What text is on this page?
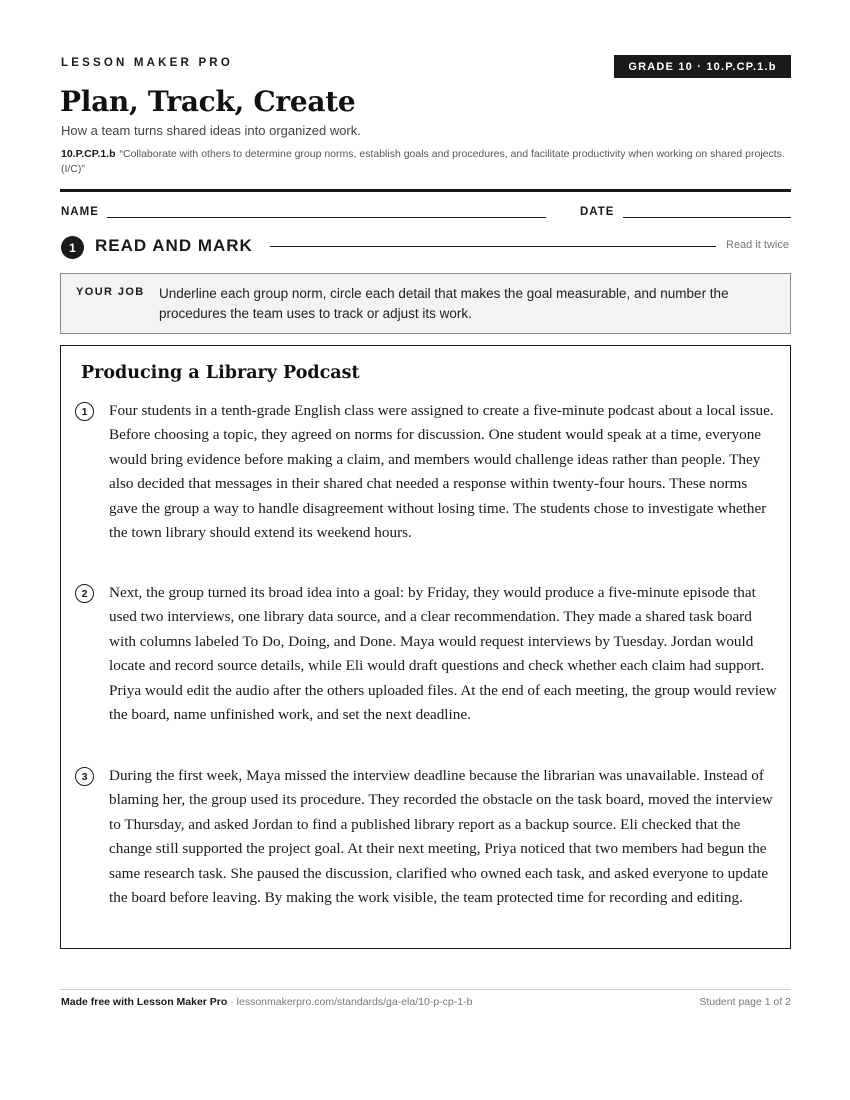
LESSON MAKER PRO	GRADE 10 · 10.P.CP.1.b
Plan, Track, Create
How a team turns shared ideas into organized work.
10.P.CP.1.b “Collaborate with others to determine group norms, establish goals and procedures, and facilitate productivity when working on shared projects. (I/C)”
NAME	DATE
1	READ AND MARK	Read it twice
YOUR JOB Underline each group norm, circle each detail that makes the goal measurable, and number the procedures the team uses to track or adjust its work.
Producing a Library Podcast
1	Four students in a tenth-grade English class were assigned to create a five-minute podcast about a local issue. Before choosing a topic, they agreed on norms for discussion. One student would speak at a time, everyone would bring evidence before making a claim, and members would challenge ideas rather than people. They also decided that messages in their shared chat needed a response within twenty-four hours. These norms gave the group a way to handle disagreement without losing time. The students chose to investigate whether the town library should extend its weekend hours.
2	Next, the group turned its broad idea into a goal: by Friday, they would produce a five-minute episode that used two interviews, one library data source, and a clear recommendation. They made a shared task board with columns labeled To Do, Doing, and Done. Maya would request interviews by Tuesday. Jordan would locate and record source details, while Eli would draft questions and check whether each claim had support. Priya would edit the audio after the others uploaded files. At the end of each meeting, the group would review the board, name unfinished work, and set the next deadline.
3	During the first week, Maya missed the interview deadline because the librarian was unavailable. Instead of blaming her, the group used its procedure. They recorded the obstacle on the task board, moved the interview to Thursday, and asked Jordan to find a published library report as a backup source. Eli checked that the change still supported the project goal. At their next meeting, Priya noticed that two members had begun the same research task. She paused the discussion, clarified who owned each task, and asked everyone to update the board before leaving. By making the work visible, the team protected time for recording and editing.
Made free with Lesson Maker Pro · lessonmakerpro.com/standards/ga-ela/10-p-cp-1-b	Student page 1 of 2
